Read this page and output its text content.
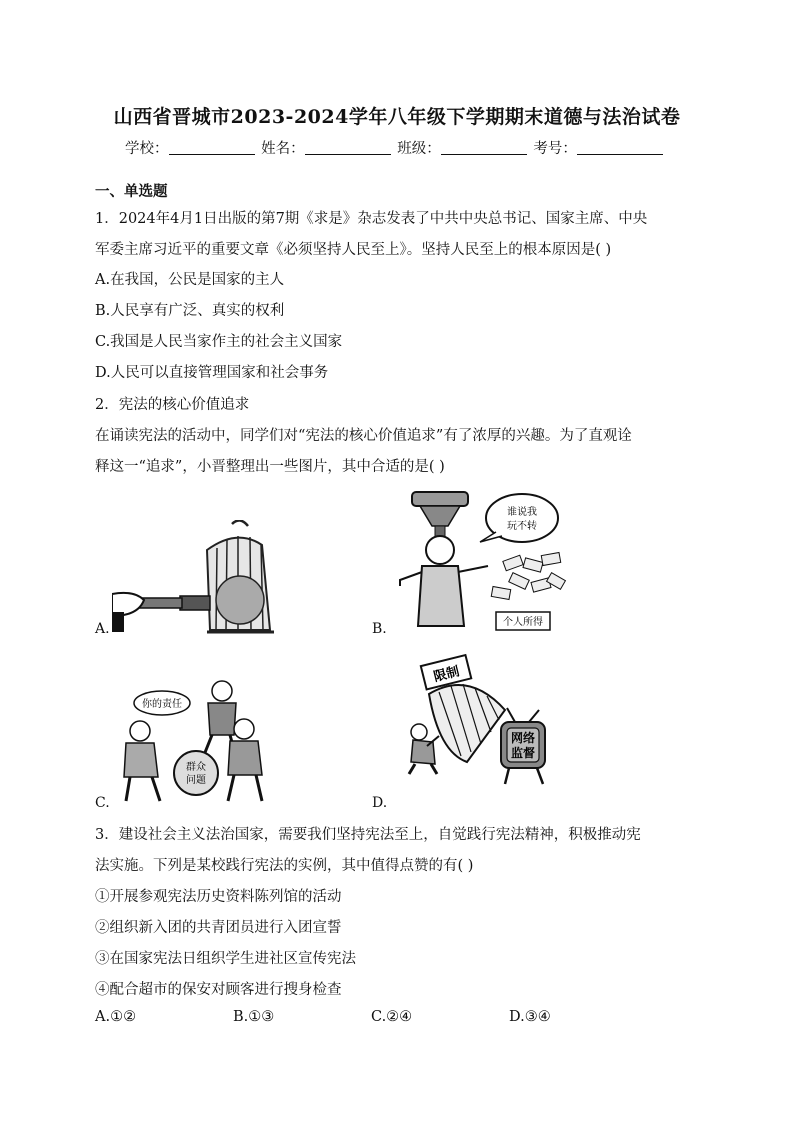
山西省晋城市2023-2024学年八年级下学期期末道德与法治试卷
学校：	姓名：	班级：	考号：
一、单选题
1．2024年4月1日出版的第7期《求是》杂志发表了中共中央总书记、国家主席、中央
军委主席习近平的重要文章《必须坚持人民至上》。坚持人民至上的根本原因是( )
A.在我国，公民是国家的主人
B.人民享有广泛、真实的权利
C.我国是人民当家作主的社会主义国家
D.人民可以直接管理国家和社会事务
2．宪法的核心价值追求
在诵读宪法的活动中，同学们对“宪法的核心价值追求”有了浓厚的兴趣。为了直观诠
释这一“追求”，小晋整理出一些图片，其中合适的是( )
A.
谁说我
玩不转
个人所得
B.
你的责任
群众
问题
C.
限制
网络
监督
D.
3．建设社会主义法治国家，需要我们坚持宪法至上，自觉践行宪法精神，积极推动宪
法实施。下列是某校践行宪法的实例，其中值得点赞的有( )
①开展参观宪法历史资料陈列馆的活动
②组织新入团的共青团员进行入团宣誓
③在国家宪法日组织学生进社区宣传宪法
④配合超市的保安对顾客进行搜身检查
A.①②	B.①③	C.②④	D.③④
